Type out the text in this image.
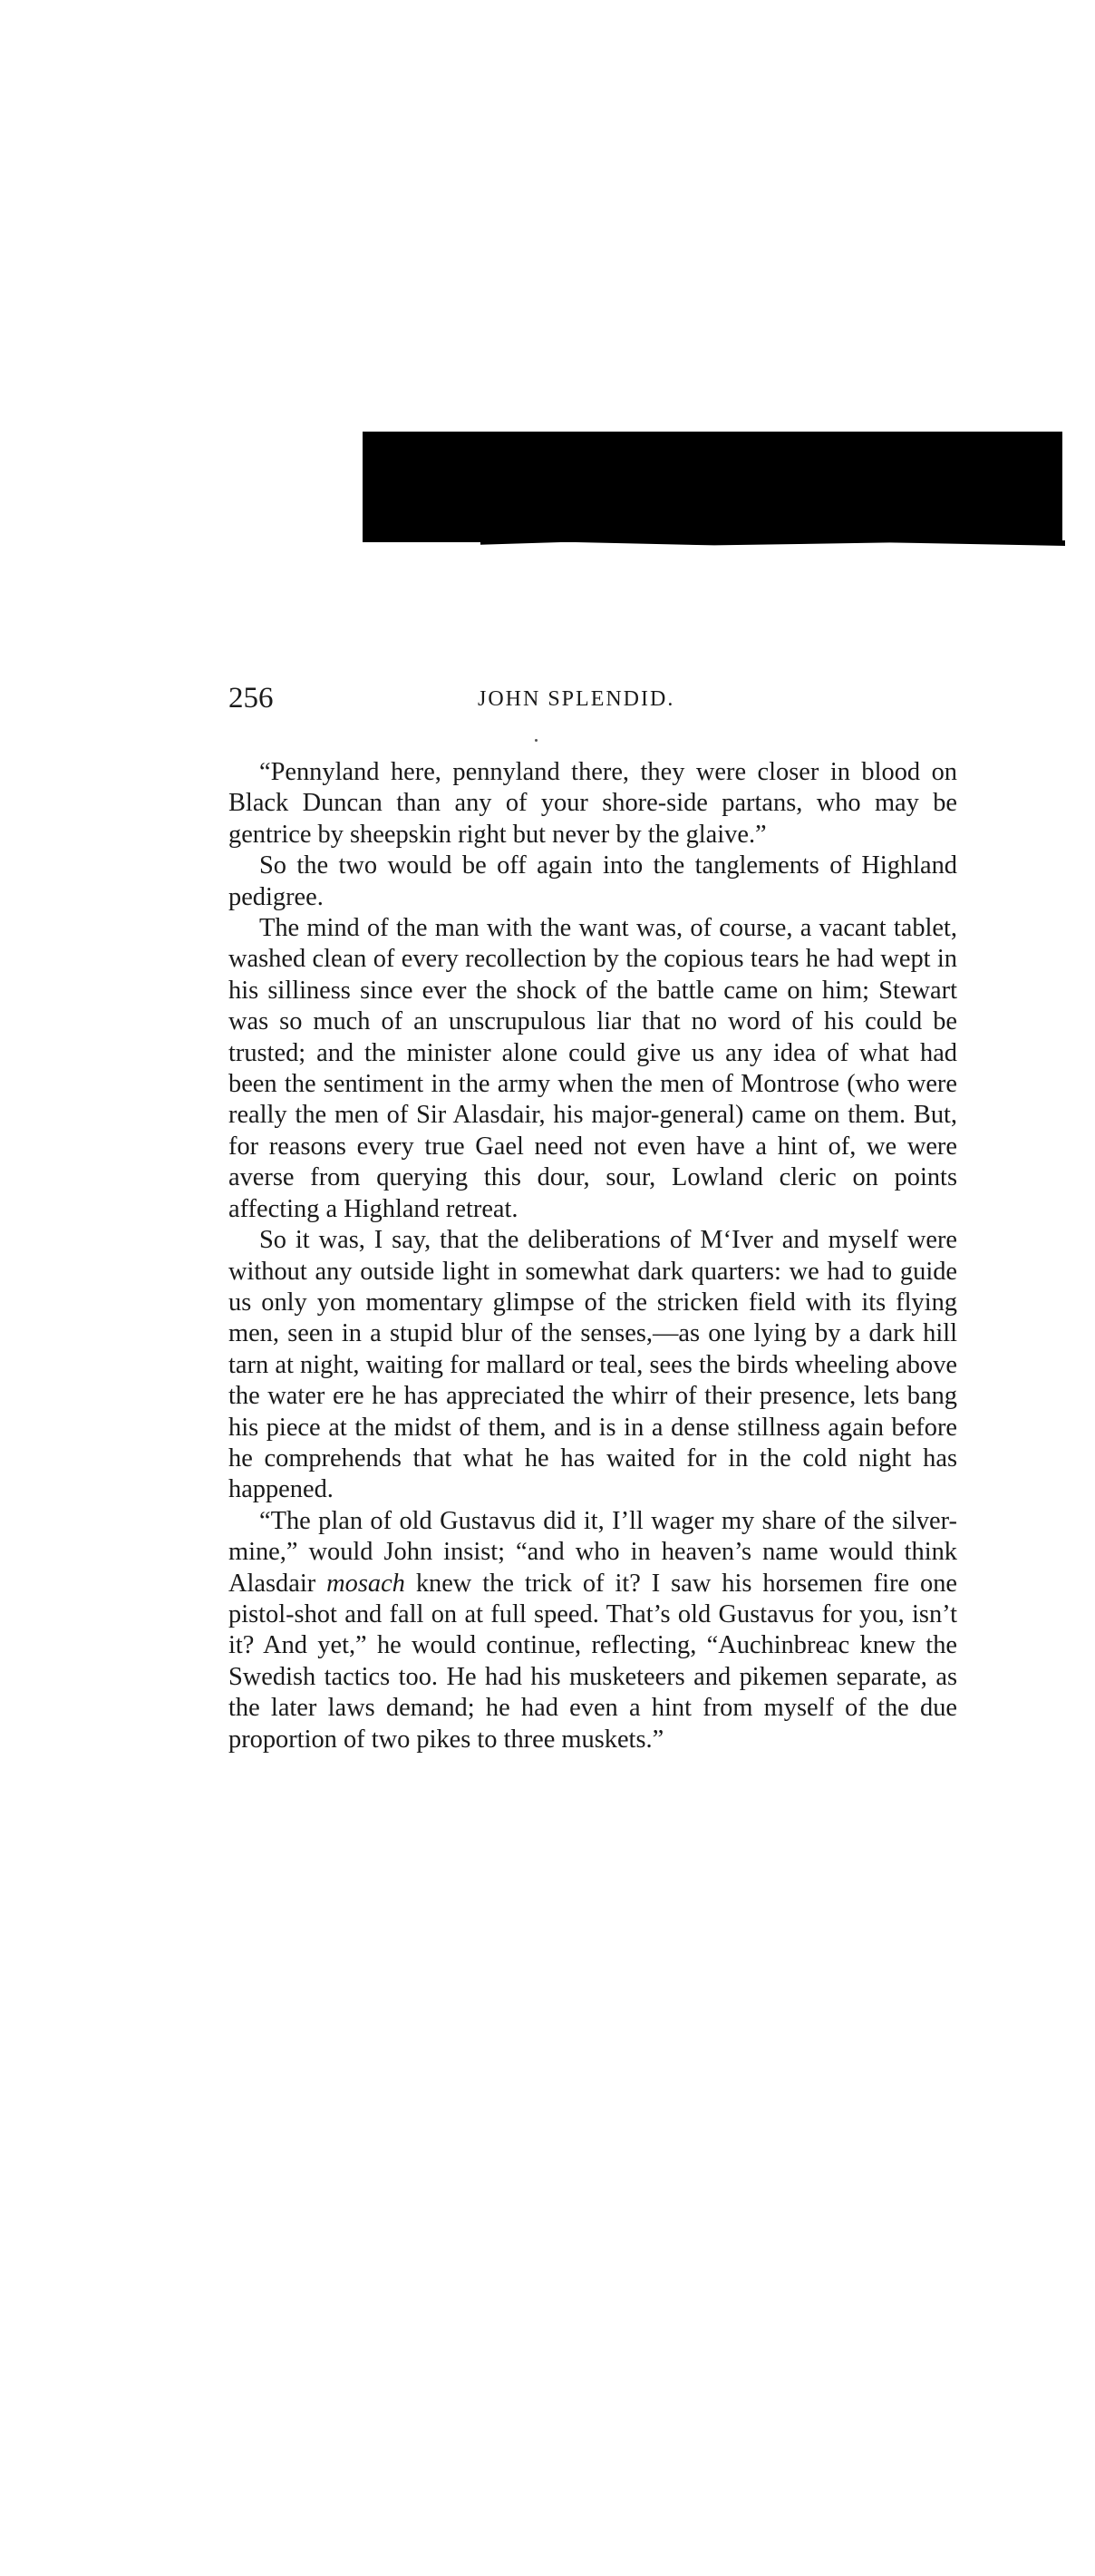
256	JOHN SPLENDID.

“Pennyland here, pennyland there, they were closer in blood on Black Duncan than any of your shore-side partans, who may be gentrice by sheepskin right but never by the glaive.”

So the two would be off again into the tanglements of Highland pedigree.

The mind of the man with the want was, of course, a vacant tablet, washed clean of every recollection by the copious tears he had wept in his silliness since ever the shock of the battle came on him; Stewart was so much of an unscrupulous liar that no word of his could be trusted; and the minister alone could give us any idea of what had been the sentiment in the army when the men of Montrose (who were really the men of Sir Alasdair, his major-general) came on them. But, for reasons every true Gael need not even have a hint of, we were averse from querying this dour, sour, Lowland cleric on points affecting a Highland retreat.

So it was, I say, that the deliberations of M‘Iver and myself were without any outside light in somewhat dark quarters: we had to guide us only yon momentary glimpse of the stricken field with its flying men, seen in a stupid blur of the senses,—as one lying by a dark hill tarn at night, waiting for mallard or teal, sees the birds wheeling above the water ere he has appreciated the whirr of their presence, lets bang his piece at the midst of them, and is in a dense stillness again before he comprehends that what he has waited for in the cold night has happened.

“The plan of old Gustavus did it, I’ll wager my share of the silver-mine,” would John insist; “and who in heaven’s name would think Alasdair mosach knew the trick of it? I saw his horsemen fire one pistol-shot and fall on at full speed. That’s old Gustavus for you, isn’t it? And yet,” he would continue, reflecting, “Auchinbreac knew the Swedish tactics too. He had his musketeers and pikemen separate, as the later laws demand; he had even a hint from myself of the due proportion of two pikes to three muskets.”
